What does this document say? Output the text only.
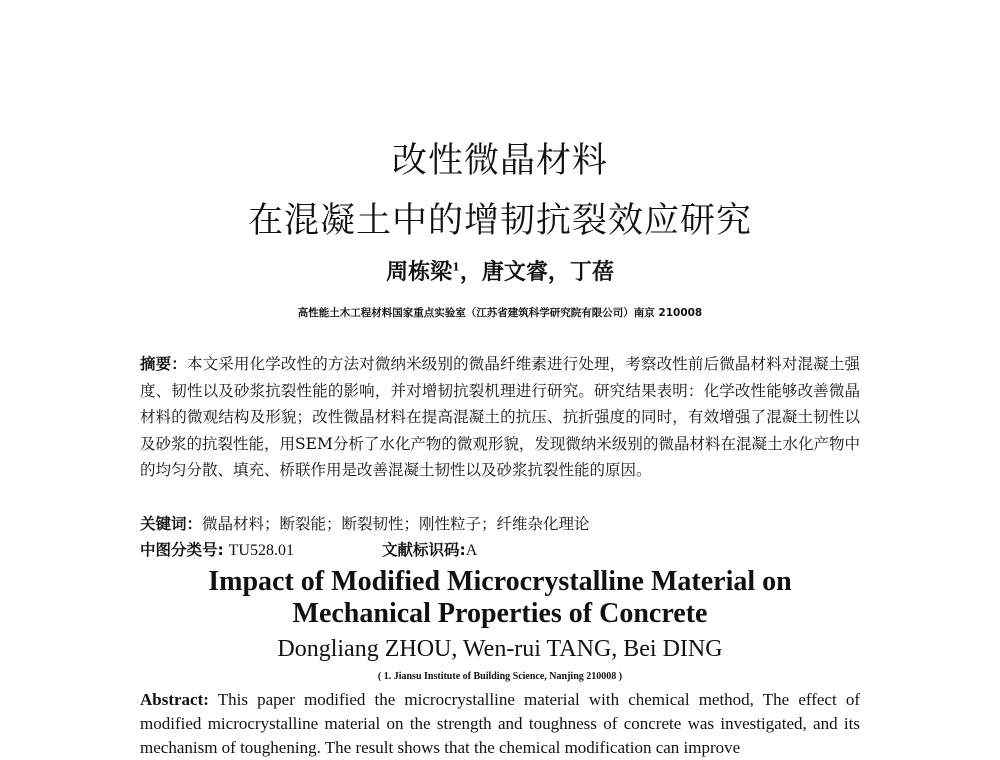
改性微晶材料
在混凝土中的增韧抗裂效应研究
周栋梁$^1$，唐文睿，丁蓓
高性能土木工程材料国家重点实验室（江苏省建筑科学研究院有限公司）南京 210008
摘要：本文采用化学改性的方法对微纳米级别的微晶纤维素进行处理，考察改性前后微晶材料对混凝土强度、韧性以及砂浆抗裂性能的影响，并对增韧抗裂机理进行研究。研究结果表明：化学改性能够改善微晶材料的微观结构及形貌；改性微晶材料在提高混凝土的抗压、抗折强度的同时，有效增强了混凝土韧性以及砂浆的抗裂性能，用SEM分析了水化产物的微观形貌，发现微纳米级别的微晶材料在混凝土水化产物中的均匀分散、填充、桥联作用是改善混凝土韧性以及砂浆抗裂性能的原因。
关键词：微晶材料；断裂能；断裂韧性；刚性粒子；纤维杂化理论
中图分类号: TU528.01	文献标识码:A
Impact of Modified Microcrystalline Material on
Mechanical Properties of Concrete
Dongliang ZHOU, Wen-rui TANG, Bei DING
( 1. Jiansu Institute of Building Science, Nanjing 210008 )
Abstract: This paper modified the microcrystalline material with chemical method, The effect of modified microcrystalline material on the strength and toughness of concrete was investigated, and its mechanism of toughening. The result shows that the chemical modification can improve
